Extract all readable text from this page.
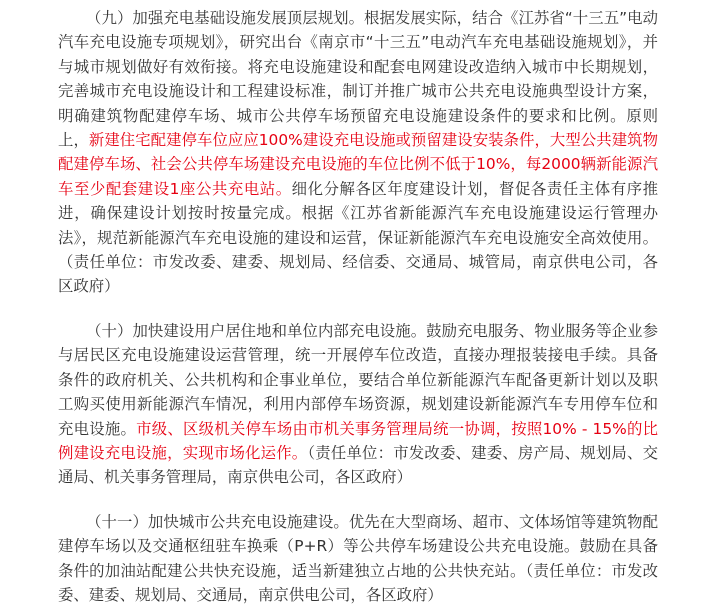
（九）加强充电基础设施发展顶层规划。根据发展实际，结合《江苏省“十三五”电动汽车充电设施专项规划》，研究出台《南京市“十三五”电动汽车充电基础设施规划》，并与城市规划做好有效衔接。将充电设施建设和配套电网建设改造纳入城市中长期规划，完善城市充电设施设计和工程建设标准，制订并推广城市公共充电设施典型设计方案，明确建筑物配建停车场、城市公共停车场预留充电设施建设条件的要求和比例。原则上，新建住宅配建停车位应应100%建设充电设施或预留建设安装条件，大型公共建筑物配建停车场、社会公共停车场建设充电设施的车位比例不低于10%，每2000辆新能源汽车至少配套建设1座公共充电站。细化分解各区年度建设计划，督促各责任主体有序推进，确保建设计划按时按量完成。根据《江苏省新能源汽车充电设施建设运行管理办法》，规范新能源汽车充电设施的建设和运营，保证新能源汽车充电设施安全高效使用。（责任单位：市发改委、建委、规划局、经信委、交通局、城管局，南京供电公司，各区政府）

（十）加快建设用户居住地和单位内部充电设施。鼓励充电服务、物业服务等企业参与居民区充电设施建设运营管理，统一开展停车位改造，直接办理报装接电手续。具备条件的政府机关、公共机构和企事业单位，要结合单位新能源汽车配备更新计划以及职工购买使用新能源汽车情况，利用内部停车场资源，规划建设新能源汽车专用停车位和充电设施。市级、区级机关停车场由市机关事务管理局统一协调，按照10% - 15%的比例建设充电设施，实现市场化运作。（责任单位：市发改委、建委、房产局、规划局、交通局、机关事务管理局，南京供电公司，各区政府）

（十一）加快城市公共充电设施建设。优先在大型商场、超市、文体场馆等建筑物配建停车场以及交通枢纽驻车换乘（P+R）等公共停车场建设公共充电设施。鼓励在具备条件的加油站配建公共快充设施，适当新建独立占地的公共快充站。（责任单位：市发改委、建委、规划局、交通局，南京供电公司，各区政府）
